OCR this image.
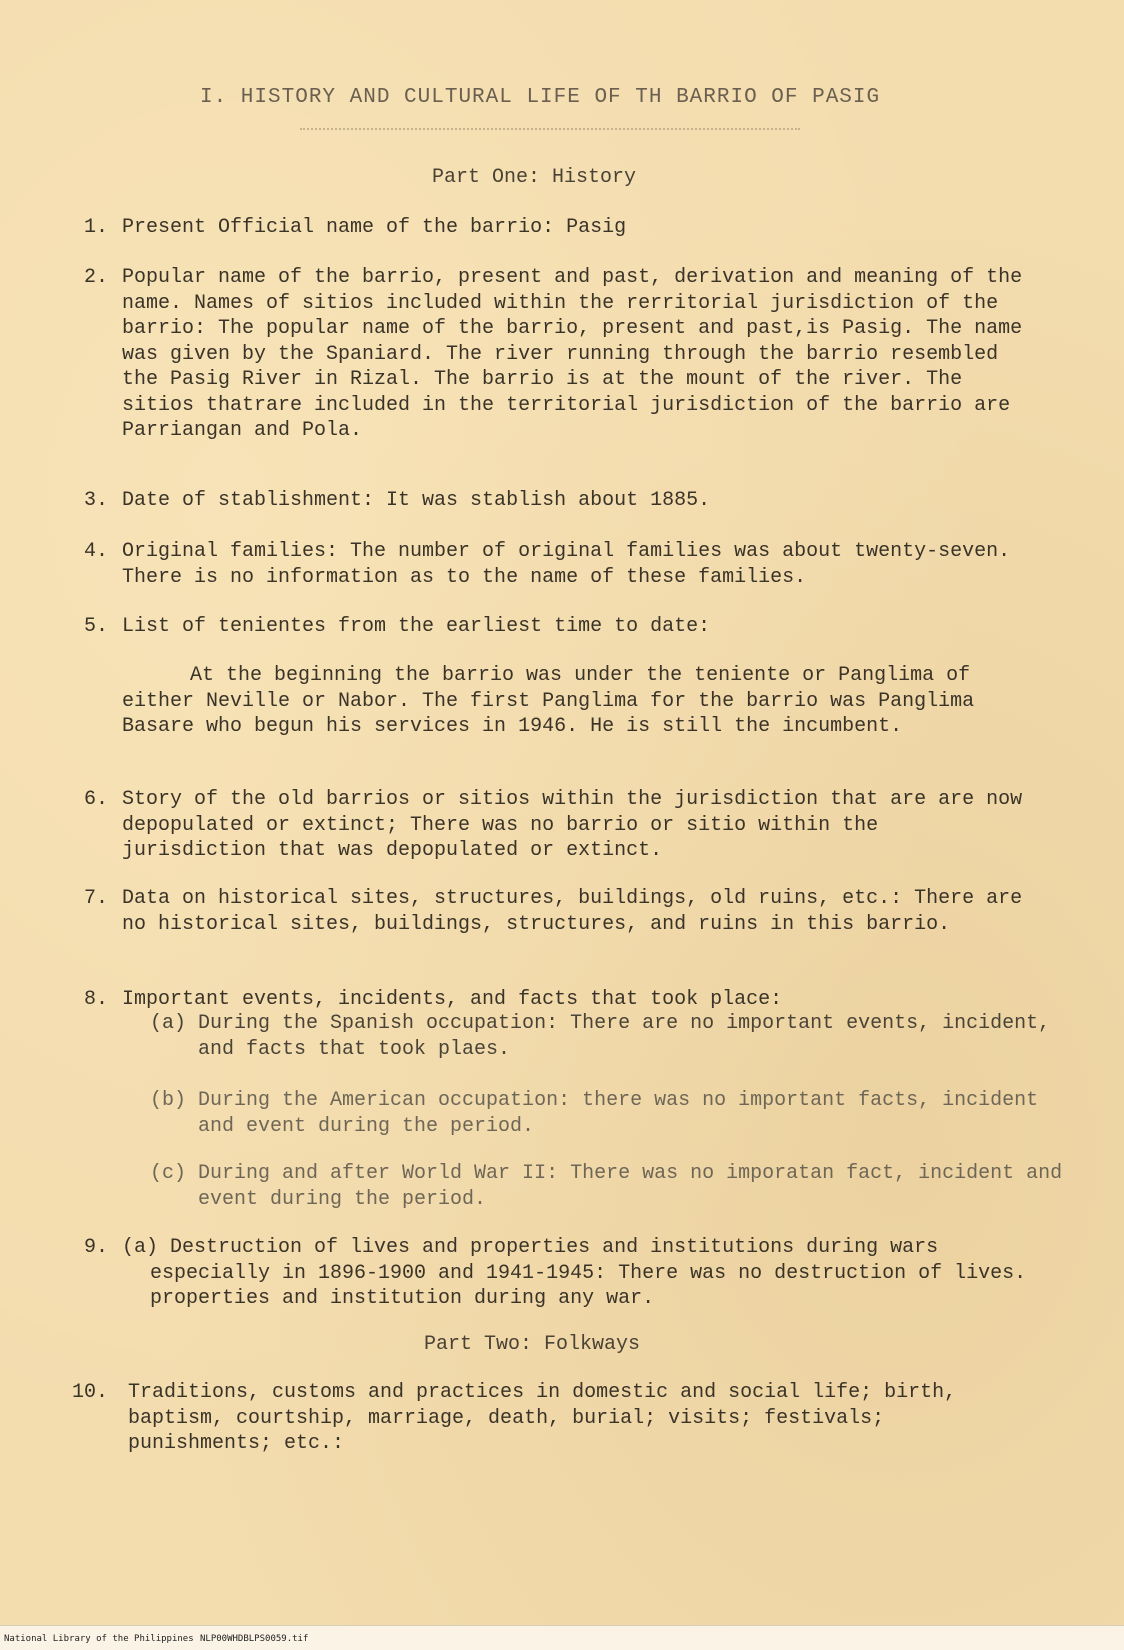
I. HISTORY AND CULTURAL LIFE OF TH BARRIO OF PASIG
Part One: History
1. Present Official name of the barrio: Pasig
2. Popular name of the barrio, present and past, derivation and meaning of the name. Names of sitios included within the rerritorial jurisdiction of the barrio: The popular name of the barrio, present and past,is Pasig. The name was given by the Spaniard. The river running through the barrio resembled the Pasig River in Rizal. The barrio is at the mount of the river. The sitios thatrare included in the territorial jurisdiction of the barrio are Parriangan and Pola.
3. Date of stablishment: It was stablish about 1885.
4. Original families: The number of original families was about twenty-seven. There is no information as to the name of these families.
5. List of tenientes from the earliest time to date:
At the beginning the barrio was under the teniente or Panglima of either Neville or Nabor. The first Panglima for the barrio was Panglima Basare who begun his services in 1946. He is still the incumbent.
6. Story of the old barrios or sitios within the jurisdiction that are are now depopulated or extinct; There was no barrio or sitio within the jurisdiction that was depopulated or extinct.
7. Data on historical sites, structures, buildings, old ruins, etc.: There are no historical sites, buildings, structures, and ruins in this barrio.
8. Important events, incidents, and facts that took place:
(a) During the Spanish occupation: There are no important events, incident, and facts that took plaes.
(b) During the American occupation: there was no important facts, incident and event during the period.
(c) During and after World War II: There was no imporatan fact, incident and event during the period.
9. (a) Destruction of lives and properties and institutions during wars especially in 1896-1900 and 1941-1945: There was no destruction of lives. properties and institution during any war.
Part Two: Folkways
10. Traditions, customs and practices in domestic and social life; birth, baptism, courtship, marriage, death, burial; visits; festivals; punishments; etc.:
National Library of the Philippines NLP00WHDBLPS0059.tif
